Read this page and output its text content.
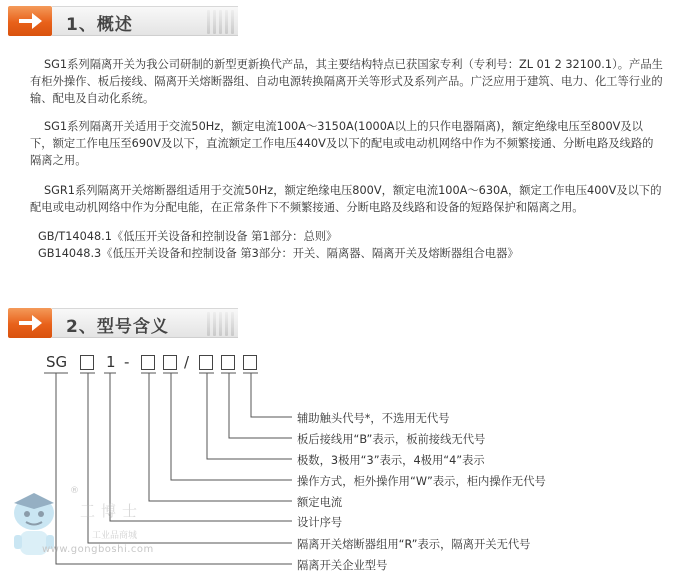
1、概述

SG1系列隔离开关为我公司研制的新型更新换代产品，其主要结构特点已获国家专利（专利号：ZL 01 2 32100.1）。产品生有柜外操作、板后接线、隔离开关熔断器组、自动电源转换隔离开关等形式及系列产品。广泛应用于建筑、电力、化工等行业的输、配电及自动化系统。

SG1系列隔离开关适用于交流50Hz，额定电流100A～3150A(1000A以上的只作电器隔离)，额定绝缘电压至800V及以下，额定工作电压至690V及以下，直流额定工作电压440V及以下的配电或电动机网络中作为不频繁接通、分断电路及线路的隔离之用。

SGR1系列隔离开关熔断器组适用于交流50Hz，额定绝缘电压800V，额定电流100A～630A，额定工作电压400V及以下的配电或电动机网络中作为分配电能，在正常条件下不频繁接通、分断电路及线路和设备的短路保护和隔离之用。

GB/T14048.1《低压开关设备和控制设备 第1部分：总则》

GB14048.3《低压开关设备和控制设备 第3部分：开关、隔离器、隔离开关及熔断器组合电器》

2、型号含义
SG	1 -	/
辅助触头代号*，不选用无代号
板后接线用“B”表示，板前接线无代号
极数，3极用“3”表示，4极用“4”表示
操作方式，柜外操作用“W”表示，柜内操作无代号
额定电流
设计序号
隔离开关熔断器组用“R”表示，隔离开关无代号
隔离开关企业型号
®
工博士
工业品商城
www.gongboshi.com
